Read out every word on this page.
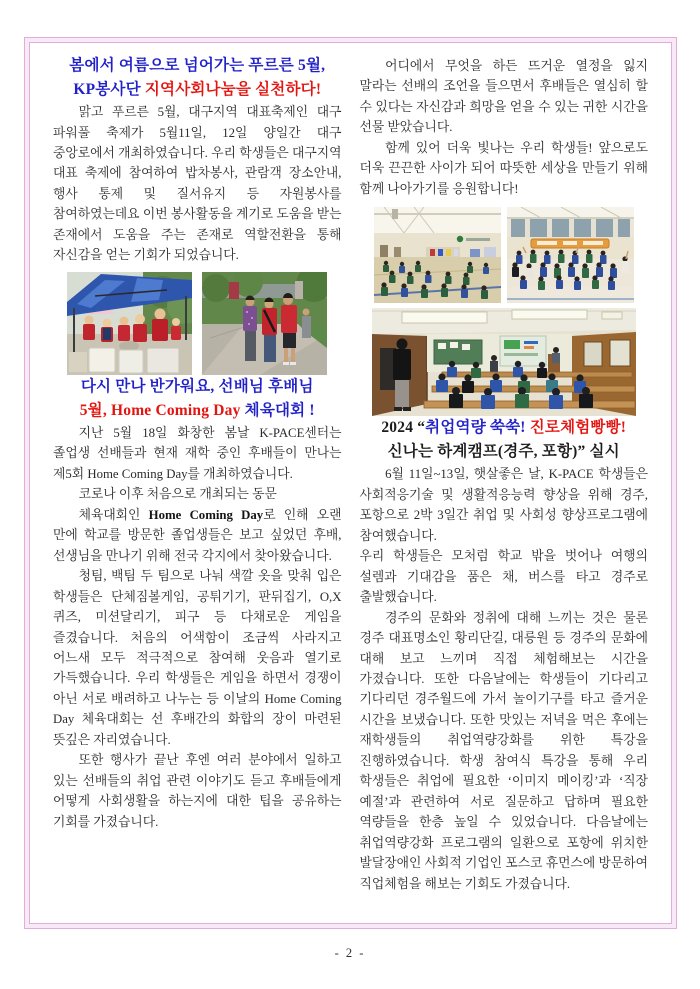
봄에서 여름으로 넘어가는 푸르른 5월,
KP봉사단 지역사회나눔을 실천하다!

맑고 푸르른 5월, 대구지역 대표축제인 대구 파워풀 축제가 5월11일, 12일 양일간 대구 중앙로에서 개최하였습니다. 우리 학생들은 대구지역 대표 축제에 참여하여 밥차봉사, 관람객 장소안내, 행사 통제 및 질서유지 등 자원봉사를 참여하였는데요 이번 봉사활동을 계기로 도움을 받는 존재에서 도움을 주는 존재로 역할전환을 통해 자신감을 얻는 기회가 되었습니다.

다시 만나 반가워요, 선배님 후배님
5월, Home Coming Day 체육대회 !

지난 5월 18일 화창한 봄날 K-PACE센터는 졸업생 선배들과 현재 재학 중인 후배들이 만나는 제5회 Home Coming Day를 개최하였습니다.

코로나 이후 처음으로 개최되는 동문

체육대회인 Home Coming Day로 인해 오랜 만에 학교를 방문한 졸업생들은 보고 싶었던 후배, 선생님을 만나기 위해 전국 각지에서 찾아왔습니다.

청팀, 백팀 두 팀으로 나눠 색깔 옷을 맞춰 입은 학생들은 단체짐볼게임, 공튀기기, 판뒤집기, O,X 퀴즈, 미션달리기, 피구 등 다채로운 게임을 즐겼습니다. 처음의 어색함이 조금씩 사라지고 어느새 모두 적극적으로 참여해 웃음과 열기로 가득했습니다. 우리 학생들은 게임을 하면서 경쟁이 아닌 서로 배려하고 나누는 등 이날의 Home Coming Day 체육대회는 선 후배간의 화합의 장이 마련된 뜻깊은 자리였습니다.

또한 행사가 끝난 후엔 여러 분야에서 일하고 있는 선배들의 취업 관련 이야기도 듣고 후배들에게 어떻게 사회생활을 하는지에 대한 팁을 공유하는 기회를 가졌습니다.

어디에서 무엇을 하든 뜨거운 열정을 잃지 말라는 선배의 조언을 들으면서 후배들은 열심히 할 수 있다는 자신감과 희망을 얻을 수 있는 귀한 시간을 선물 받았습니다.

함께 있어 더욱 빛나는 우리 학생들! 앞으로도 더욱 끈끈한 사이가 되어 따뜻한 세상을 만들기 위해 함께 나아가기를 응원합니다!

2024 “취업역량 쑥쑥! 진로체험빵빵!
신나는 하계캠프(경주, 포항)” 실시

6월 11일~13일, 햇살좋은 날, K-PACE 학생들은 사회적응기술 및 생활적응능력 향상을 위해 경주, 포항으로 2박 3일간 취업 및 사회성 향상프로그램에 참여했습니다.

우리 학생들은 모처럼 학교 밖을 벗어나 여행의 설렘과 기대감을 품은 채, 버스를 타고 경주로 출발했습니다.

경주의 문화와 정취에 대해 느끼는 것은 물론 경주 대표명소인 황리단길, 대릉원 등 경주의 문화에 대해 보고 느끼며 직접 체험해보는 시간을 가졌습니다. 또한 다음날에는 학생들이 기다리고 기다리던 경주월드에 가서 놀이기구를 타고 즐거운 시간을 보냈습니다. 또한 맛있는 저녁을 먹은 후에는 재학생들의 취업역량강화를 위한 특강을 진행하였습니다. 학생 참여식 특강을 통해 우리 학생들은 취업에 필요한 ‘이미지 메이킹’과 ‘직장 예절’과 관련하여 서로 질문하고 답하며 필요한 역량들을 한층 높일 수 있었습니다. 다음날에는 취업역량강화 프로그램의 일환으로 포항에 위치한 발달장애인 사회적 기업인 포스코 휴먼스에 방문하여 직업체험을 해보는 기회도 가졌습니다.

- 2 -
